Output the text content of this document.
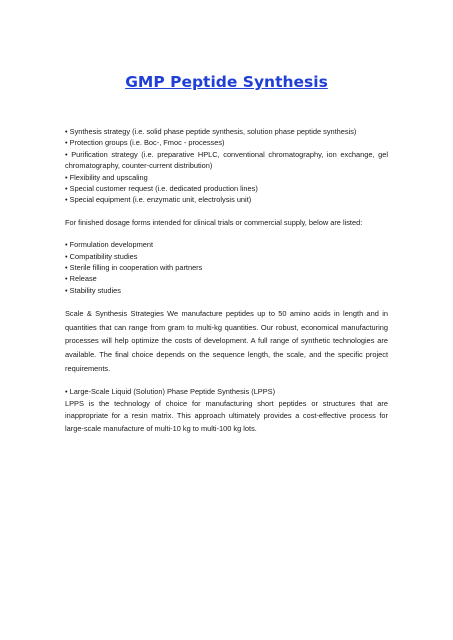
GMP Peptide Synthesis

• Synthesis strategy (i.e. solid phase peptide synthesis, solution phase peptide synthesis)

• Protection groups (i.e. Boc-, Fmoc - processes)

• Purification strategy (i.e. preparative HPLC, conventional chromatography, ion exchange, gel chromatography, counter-current distribution)

• Flexibility and upscaling

• Special customer request (i.e. dedicated production lines)

• Special equipment (i.e. enzymatic unit, electrolysis unit)

For finished dosage forms intended for clinical trials or commercial supply, below are listed:

• Formulation development

• Compatibility studies

• Sterile filling in cooperation with partners

• Release

• Stability studies

Scale & Synthesis Strategies We manufacture peptides up to 50 amino acids in length and in quantities that can range from gram to multi-kg quantities. Our robust, economical manufacturing processes will help optimize the costs of development. A full range of synthetic technologies are available. The final choice depends on the sequence length, the scale, and the specific project requirements.

• Large-Scale Liquid (Solution) Phase Peptide Synthesis (LPPS)

LPPS is the technology of choice for manufacturing short peptides or structures that are inappropriate for a resin matrix. This approach ultimately provides a cost-effective process for large-scale manufacture of multi-10 kg to multi-100 kg lots.
